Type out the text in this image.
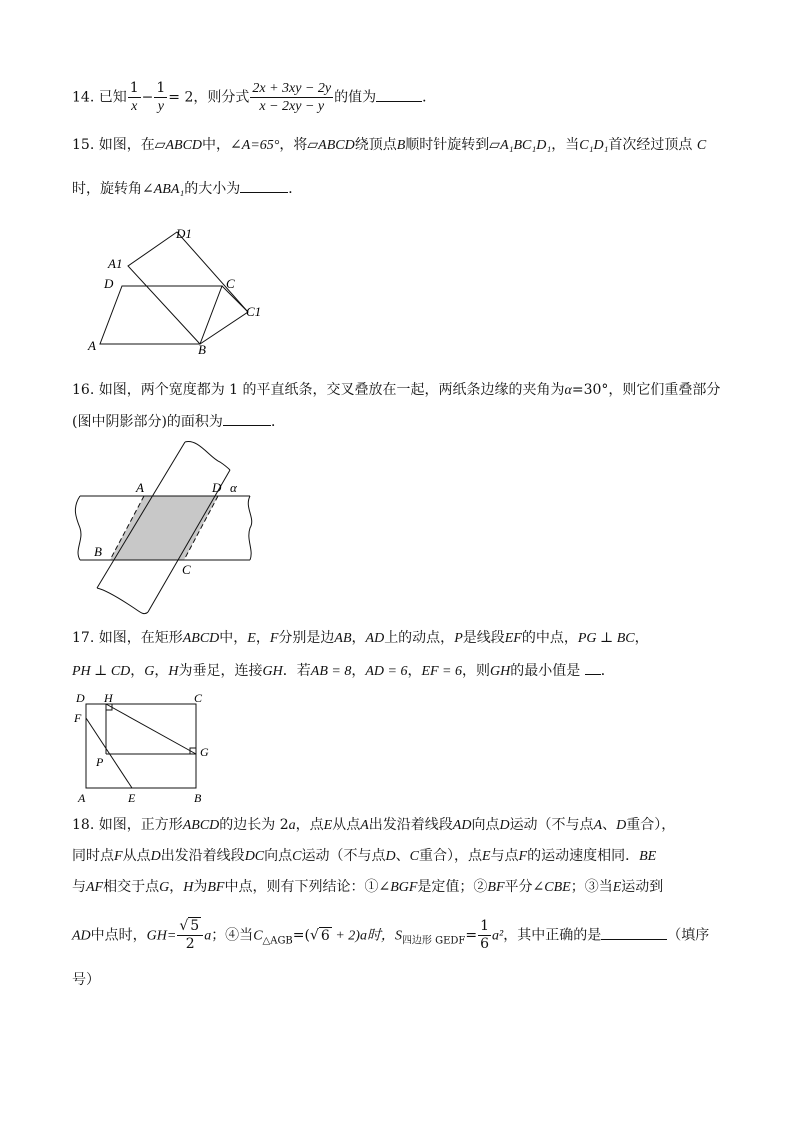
14. 已知 $\frac{1}{x} - \frac{1}{y} = 2$，则分式 $\frac{2x + 3xy - 2y}{x - 2xy - y}$ 的值为	．
15. 如图，在▱ABCD中，∠A=65°，将▱ABCD绕顶点B顺时针旋转到▱A₁BC₁D₁，当C₁D₁首次经过顶点 C
时，旋转角∠ABA₁的大小为	．
A1
D1
D	C
C1
A	B
16. 如图，两个宽度都为 1 的平直纸条，交叉叠放在一起，两纸条边缘的夹角为α=30°，则它们重叠部分
(图中阴影部分)的面积为	．
A	D α
B
C
17. 如图，在矩形ABCD中，E，F分别是边AB，AD上的动点，P是线段EF的中点，PG ⊥ BC，
PH ⊥ CD，G，H为垂足，连接GH．若AB = 8，AD = 6，EF = 6，则GH的最小值是 ．
D H	C
F
G
P
A	E	B
18. 如图，正方形ABCD的边长为 2a，点E从点A出发沿着线段AD向点D运动（不与点A、D重合），
同时点F从点D出发沿着线段DC向点C运动（不与点D、C重合），点E与点F的运动速度相同．BE
与AF相交于点G，H为BF中点，则有下列结论：①∠BGF是定值；②BF平分∠CBE；③当E运动到
AD中点时，$GH= \frac{√ 5}{2}$ a；④当$C_{\triangle AGB}=(√$ 6 + 2)a时，$S_{四边形 GEDF}= \frac{1}{6} a^2$，其中正确的是	（填序
号）
